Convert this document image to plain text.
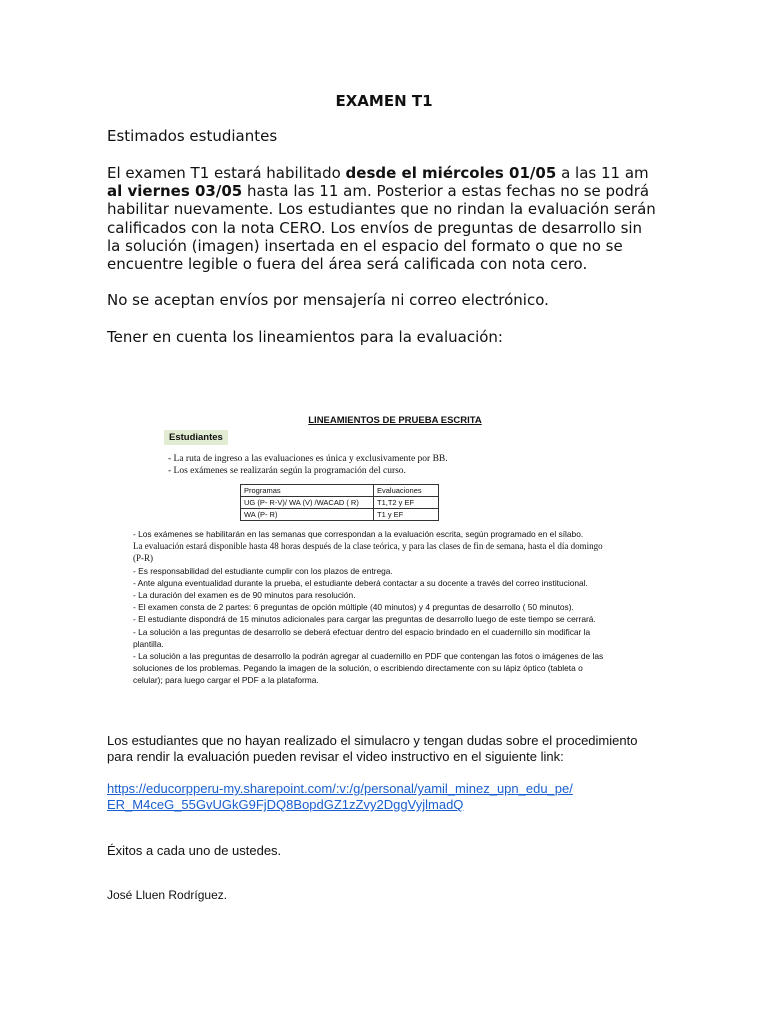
EXAMEN T1
Estimados estudiantes
El examen T1 estará habilitado desde el miércoles 01/05 a las 11 am
al viernes 03/05 hasta las 11 am. Posterior a estas fechas no se podrá
habilitar nuevamente. Los estudiantes que no rindan la evaluación serán
calificados con la nota CERO. Los envíos de preguntas de desarrollo sin
la solución (imagen) insertada en el espacio del formato o que no se
encuentre legible o fuera del área será calificada con nota cero.
No se aceptan envíos por mensajería ni correo electrónico.
Tener en cuenta los lineamientos para la evaluación:
LINEAMIENTOS DE PRUEBA ESCRITA
Estudiantes
- La ruta de ingreso a las evaluaciones es única y exclusivamente por BB.
- Los exámenes se realizarán según la programación del curso.
Programas	Evaluaciones
UG (P- R-V)/ WA (V) /WACAD ( R)	T1,T2 y EF
WA (P- R)	T1 y EF
- Los exámenes se habilitarán en las semanas que correspondan a la evaluación escrita, según programado en el sílabo.
La evaluación estará disponible hasta 48 horas después de la clase teórica, y para las clases de fin de semana, hasta el día domingo
(P-R)
- Es responsabilidad del estudiante cumplir con los plazos de entrega.
- Ante alguna eventualidad durante la prueba, el estudiante deberá contactar a su docente a través del correo institucional.
- La duración del examen es de 90 minutos para resolución.
- El examen consta de 2 partes: 6 preguntas de opción múltiple (40 minutos) y 4 preguntas de desarrollo ( 50 minutos).
- El estudiante dispondrá de 15 minutos adicionales para cargar las preguntas de desarrollo luego de este tiempo se cerrará.
- La solución a las preguntas de desarrollo se deberá efectuar dentro del espacio brindado en el cuadernillo sin modificar la
plantilla.
- La solución a las preguntas de desarrollo la podrán agregar al cuadernillo en PDF que contengan las fotos o imágenes de las
soluciones de los problemas. Pegando la imagen de la solución, o escribiendo directamente con su lápiz óptico (tableta o
celular); para luego cargar el PDF a la plataforma.
Los estudiantes que no hayan realizado el simulacro y tengan dudas sobre el procedimiento
para rendir la evaluación pueden revisar el video instructivo en el siguiente link:
https://educorpperu-my.sharepoint.com/:v:/g/personal/yamil_minez_upn_edu_pe/
ER_M4ceG_55GvUGkG9FjDQ8BopdGZ1zZvy2DggVyjlmadQ
Éxitos a cada uno de ustedes.
José Lluen Rodríguez.
